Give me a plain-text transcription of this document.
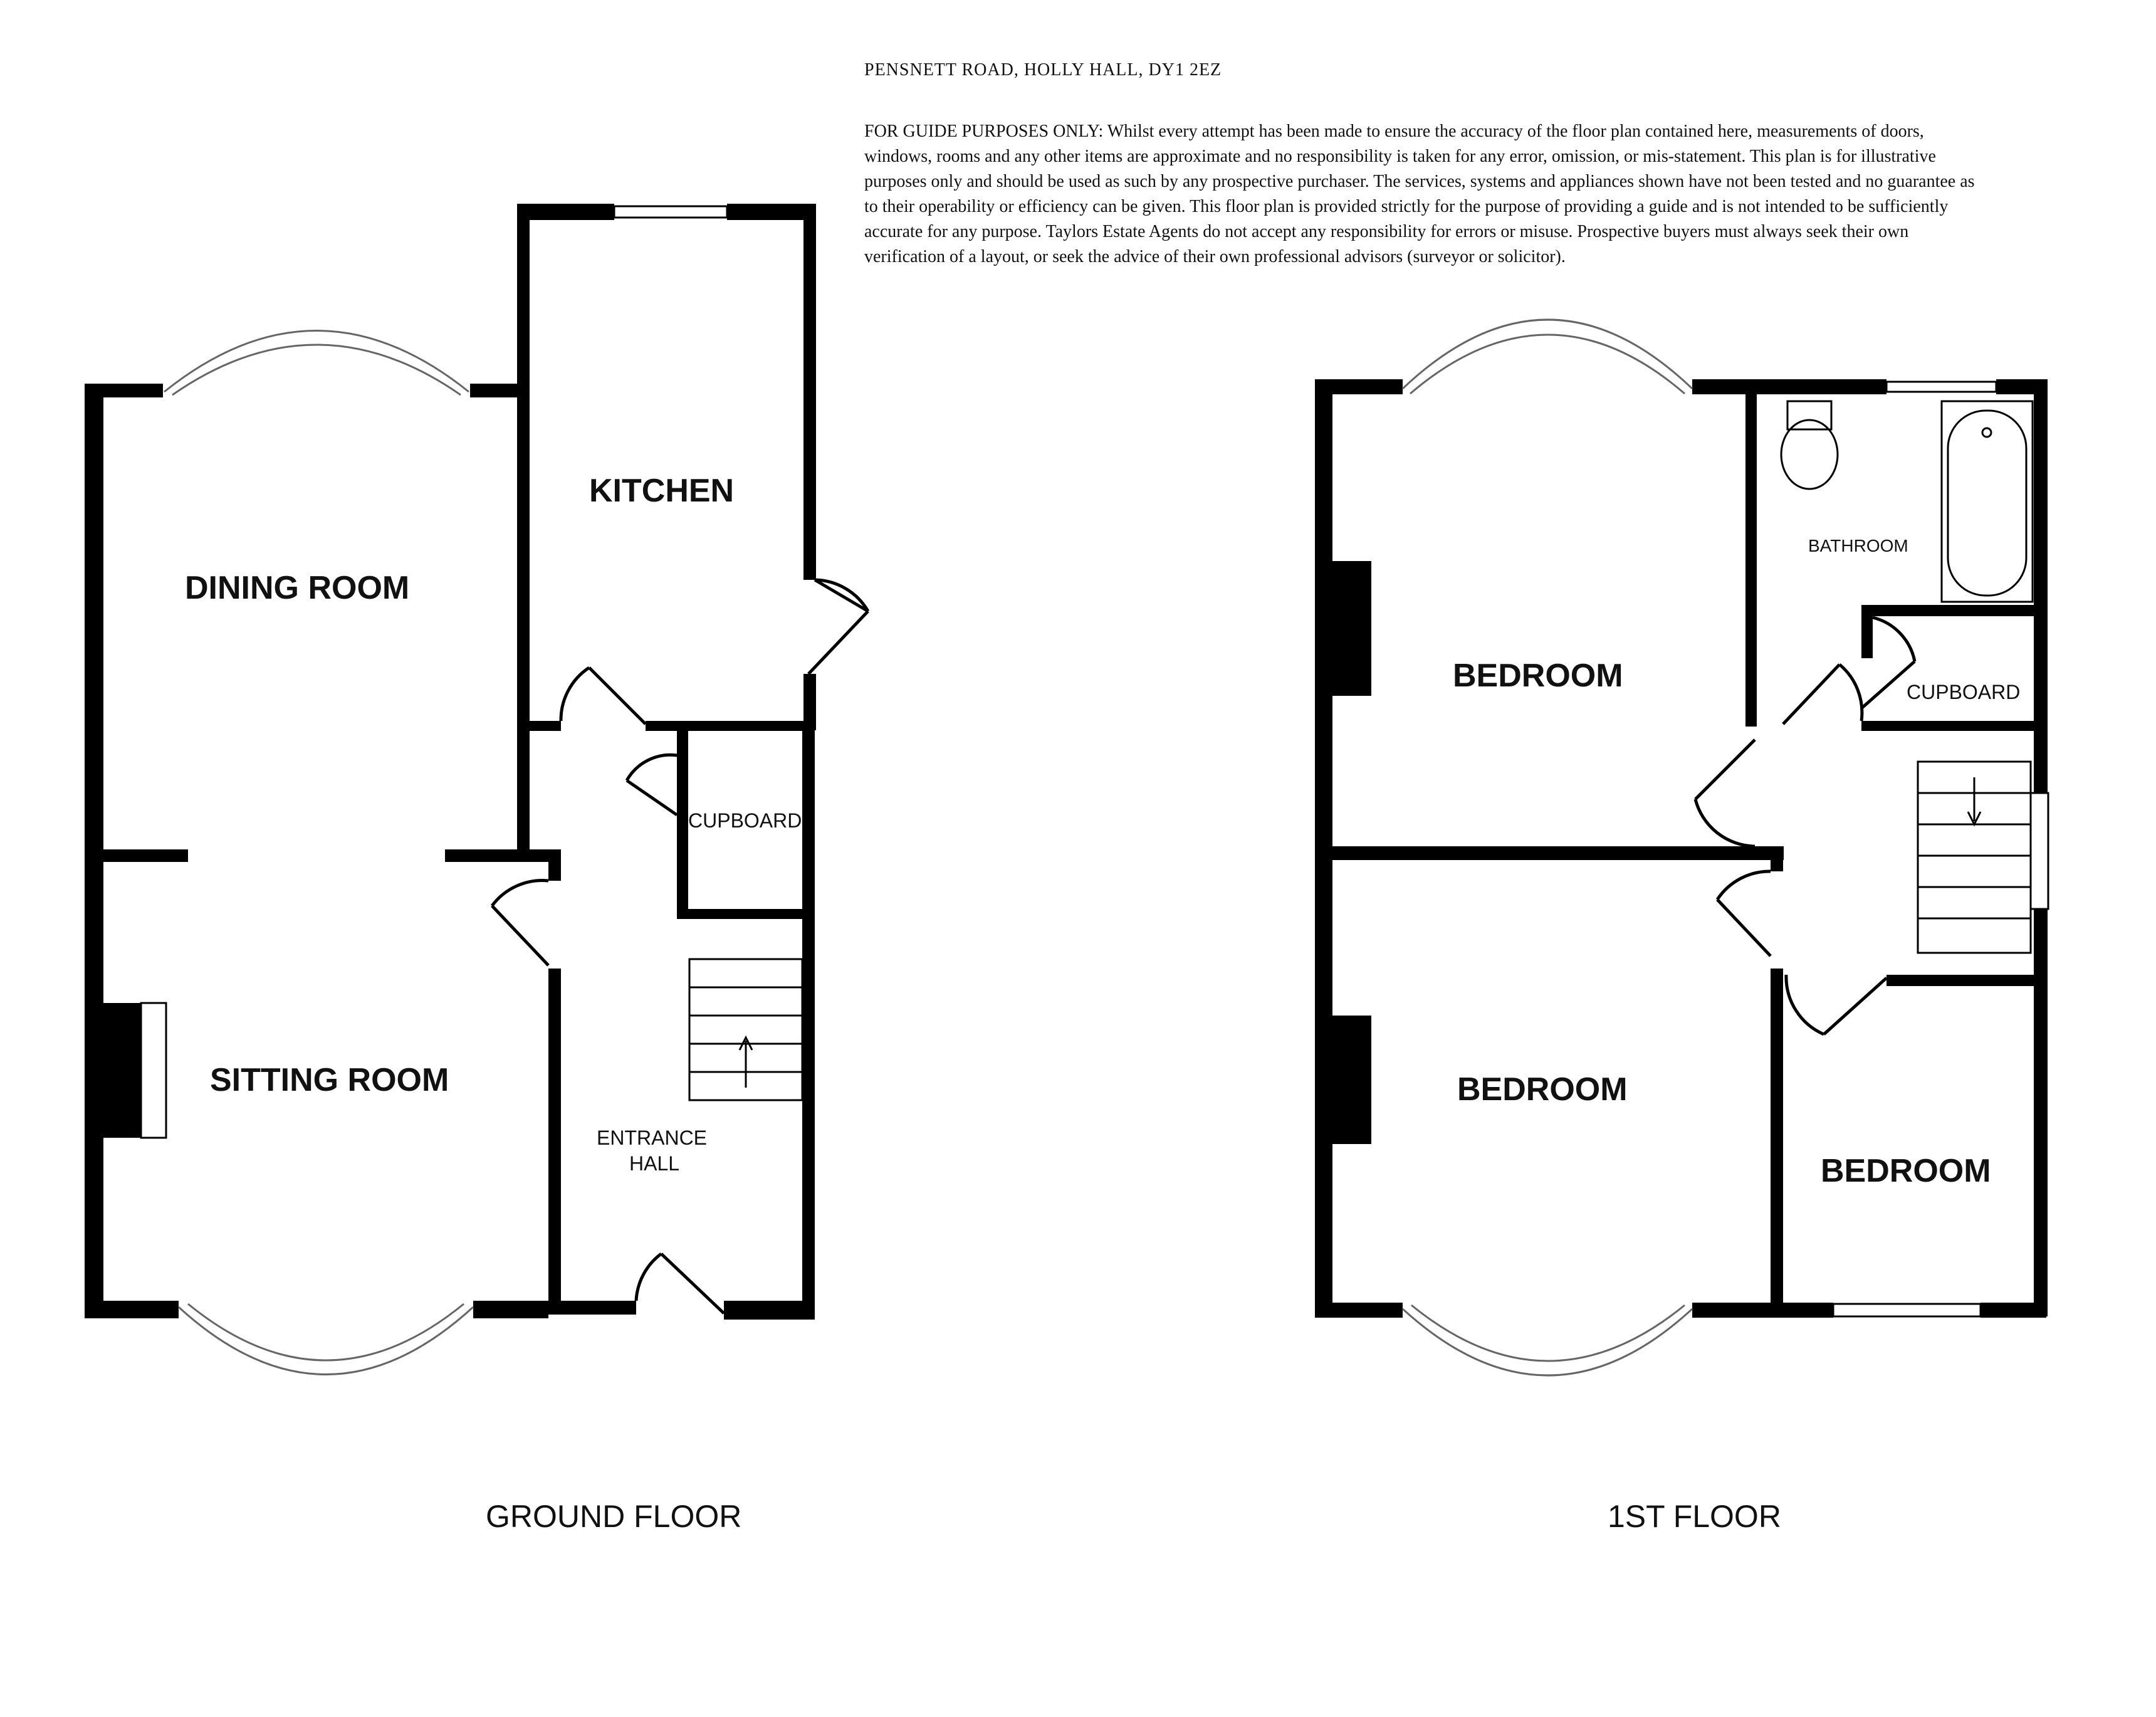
PENSNETT ROAD, HOLLY HALL, DY1 2EZ
FOR GUIDE PURPOSES ONLY: Whilst every attempt has been made to ensure the accuracy of the floor plan contained here, measurements of doors, windows, rooms and any other items are approximate and no responsibility is taken for any error, omission, or mis-statement. This plan is for illustrative purposes only and should be used as such by any prospective purchaser. The services, systems and appliances shown have not been tested and no guarantee as to their operability or efficiency can be given. This floor plan is provided strictly for the purpose of providing a guide and is not intended to be sufficiently accurate for any purpose. Taylors Estate Agents do not accept any responsibility for errors or misuse. Prospective buyers must always seek their own verification of a layout, or seek the advice of their own professional advisors (surveyor or solicitor).
KITCHEN
DINING ROOM
SITTING ROOM
CUPBOARD
ENTRANCE
HALL
GROUND FLOOR
BEDROOM
BEDROOM
BEDROOM
BATHROOM
CUPBOARD
1ST FLOOR
